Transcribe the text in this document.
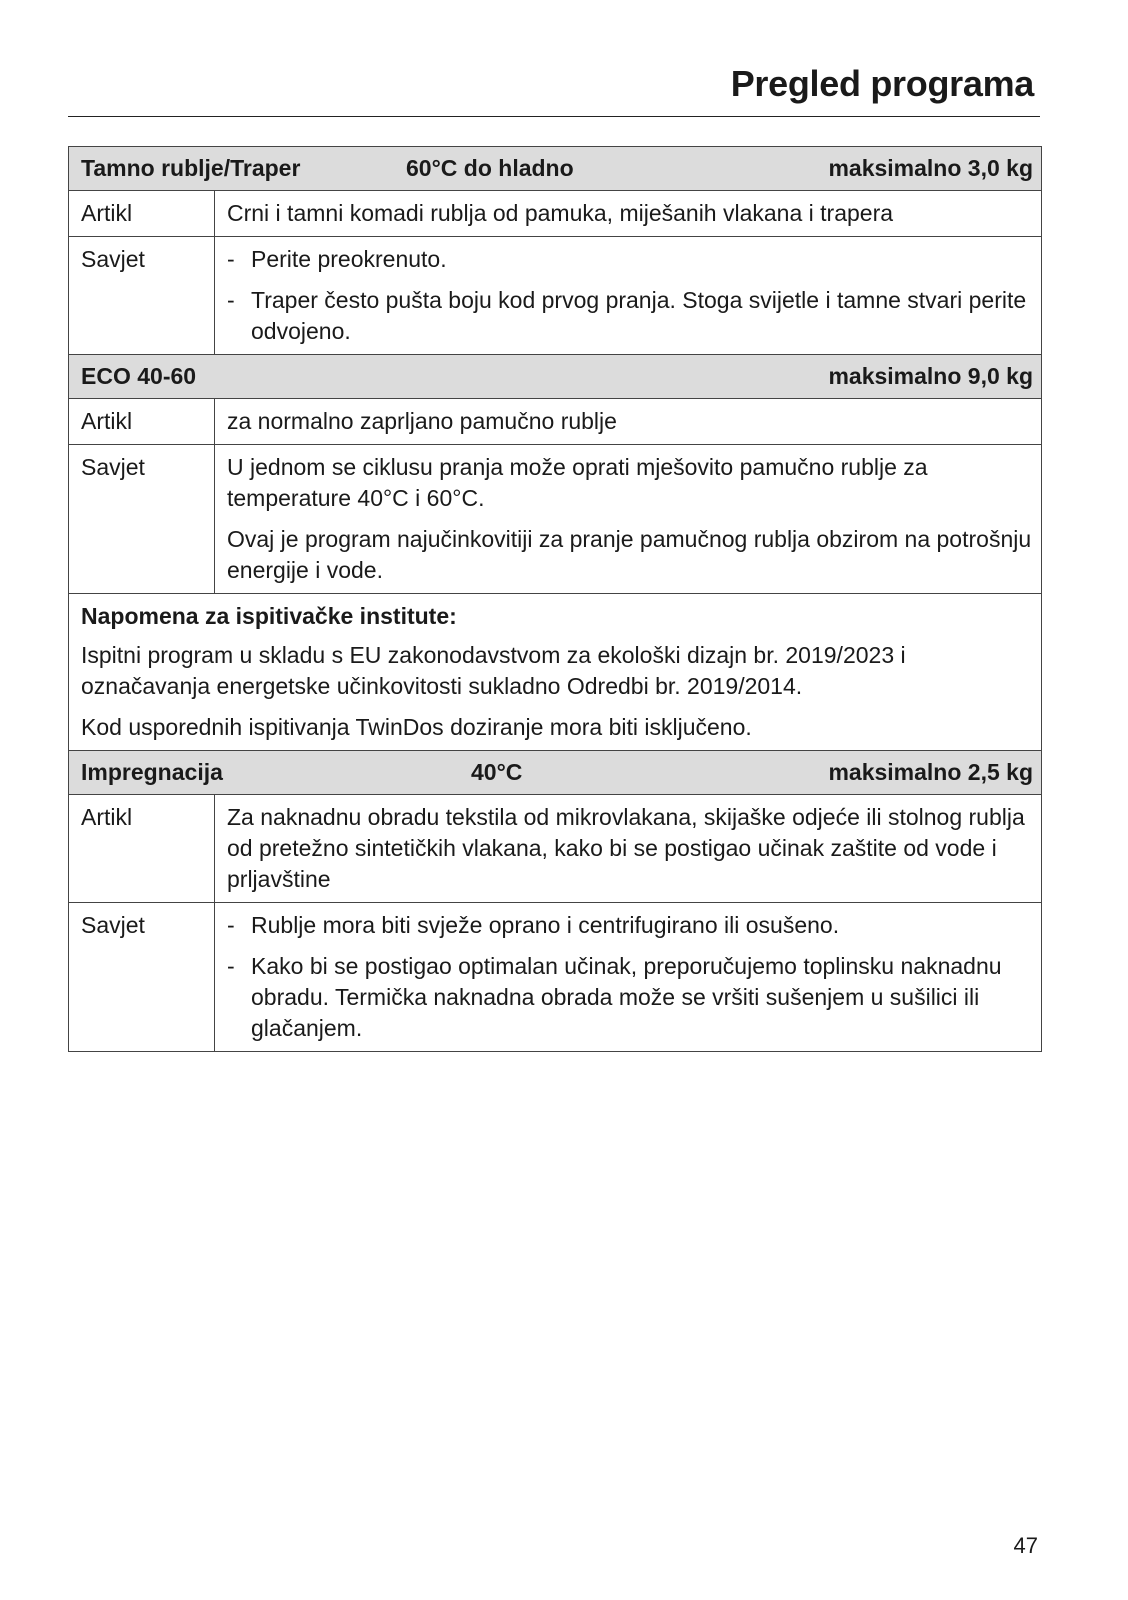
Pregled programa
Tamno rublje/Traper 60°C do hladno maksimalno 3,0 kg	

Artikl	Crni i tamni komadi rublja od pamuka, miješanih vlakana i trapera
Savjet	- Perite preokrenuto.
- Traper često pušta boju kod prvog pranja. Stoga svijetle i tamne stvari perite odvojeno.

ECO 40-60 maksimalno 9,0 kg	

Artikl	za normalno zaprljano pamučno rublje
Savjet	U jednom se ciklusu pranja može oprati mješovito pamučno rublje za temperature 40°C i 60°C.

Ovaj je program najučinkovitiji za pranje pamučnog rublja obzirom na potrošnju energije i vode.

Napomena za ispitivačke institute:

Ispitni program u skladu s EU zakonodavstvom za ekološki dizajn br. 2019/2023 i označavanja energetske učinkovitosti sukladno Odredbi br. 2019/2014.

Kod usporednih ispitivanja TwinDos doziranje mora biti isključeno.	

Impregnacija 40°C maksimalno 2,5 kg	

Artikl	Za naknadnu obradu tekstila od mikrovlakana, skijaške odjeće ili stolnog rublja od pretežno sintetičkih vlakana, kako bi se postigao učinak zaštite od vode i prljavštine
Savjet	- Rublje mora biti svježe oprano i centrifugirano ili osušeno.
- Kako bi se postigao optimalan učinak, preporučujemo toplinsku naknadnu obradu. Termička naknadna obrada može se vršiti sušenjem u sušilici ili glačanjem.
47
